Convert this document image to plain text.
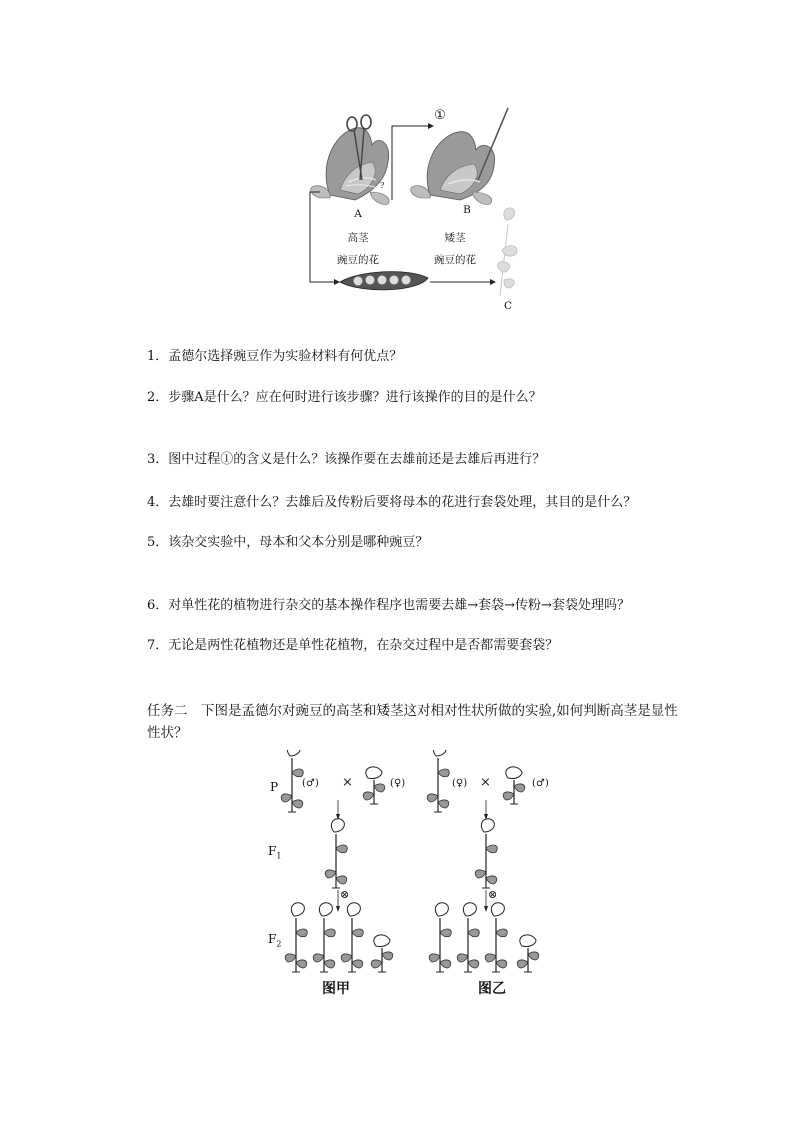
?
A
高茎
豌豆的花
B
矮茎
豌豆的花
①
C
1．孟德尔选择豌豆作为实验材料有何优点？
2．步骤A是什么？应在何时进行该步骤？进行该操作的目的是什么？
3．图中过程①的含义是什么？该操作要在去雄前还是去雄后再进行？
4．去雄时要注意什么？去雄后及传粉后要将母本的花进行套袋处理，其目的是什么？
5．该杂交实验中，母本和父本分别是哪种豌豆？
6．对单性花的植物进行杂交的基本操作程序也需要去雄→套袋→传粉→套袋处理吗？
7．无论是两性花植物还是单性花植物，在杂交过程中是否都需要套袋？
任务二　下图是孟德尔对豌豆的高茎和矮茎这对相对性状所做的实验,如何判断高茎是显性性状？
P
$F_1$
$F_2$
(♂) ×	(♀)	(♀) ×	(♂)
⊗	⊗
图甲	图乙
